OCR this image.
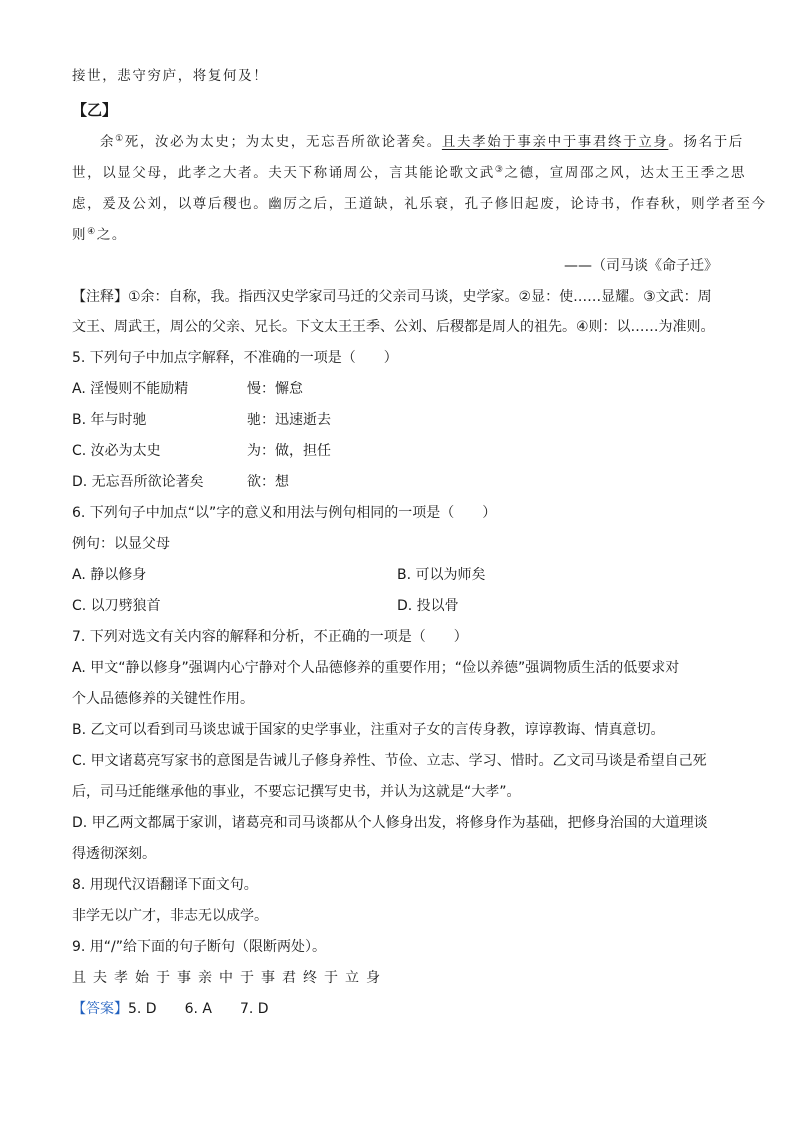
接世，悲守穷庐，将复何及！
【乙】
余①死，汝必为太史；为太史，无忘吾所欲论著矣。且夫孝始于事亲中于事君终于立身。扬名于后
世，以显父母，此孝之大者。夫天下称诵周公，言其能论歌文武③之德，宣周邵之风，达太王王季之思
虑，爰及公刘，以尊后稷也。幽厉之后，王道缺，礼乐衰，孔子修旧起废，论诗书，作春秋，则学者至今
则④之。
——（司马谈《命子迁》
【注释】①余：自称，我。指西汉史学家司马迁的父亲司马谈，史学家。②显：使……显耀。③文武：周
文王、周武王，周公的父亲、兄长。下文太王王季、公刘、后稷都是周人的祖先。④则：以……为准则。
5. 下列句子中加点字解释，不准确的一项是（　　）
A. 淫慢则不能励精	慢：懈怠
B. 年与时驰	驰：迅速逝去
C. 汝必为太史	为：做，担任
D. 无忘吾所欲论著矣	欲：想
6. 下列句子中加点“以”字的意义和用法与例句相同的一项是（　　）
例句：以显父母
A. 静以修身	B. 可以为师矣
C. 以刀劈狼首	D. 投以骨
7. 下列对选文有关内容的解释和分析，不正确的一项是（　　）
A. 甲文“静以修身”强调内心宁静对个人品德修养的重要作用；“俭以养德”强调物质生活的低要求对
个人品德修养的关键性作用。
B. 乙文可以看到司马谈忠诚于国家的史学事业，注重对子女的言传身教，谆谆教诲、情真意切。
C. 甲文诸葛亮写家书的意图是告诫儿子修身养性、节俭、立志、学习、惜时。乙文司马谈是希望自己死
后，司马迁能继承他的事业，不要忘记撰写史书，并认为这就是“大孝”。
D. 甲乙两文都属于家训，诸葛亮和司马谈都从个人修身出发，将修身作为基础，把修身治国的大道理谈
得透彻深刻。
8. 用现代汉语翻译下面文句。
非学无以广才，非志无以成学。
9. 用“/”给下面的句子断句（限断两处）。
且夫孝始于事亲中于事君终于立身
【答案】5. D　　6. A　　7. D
